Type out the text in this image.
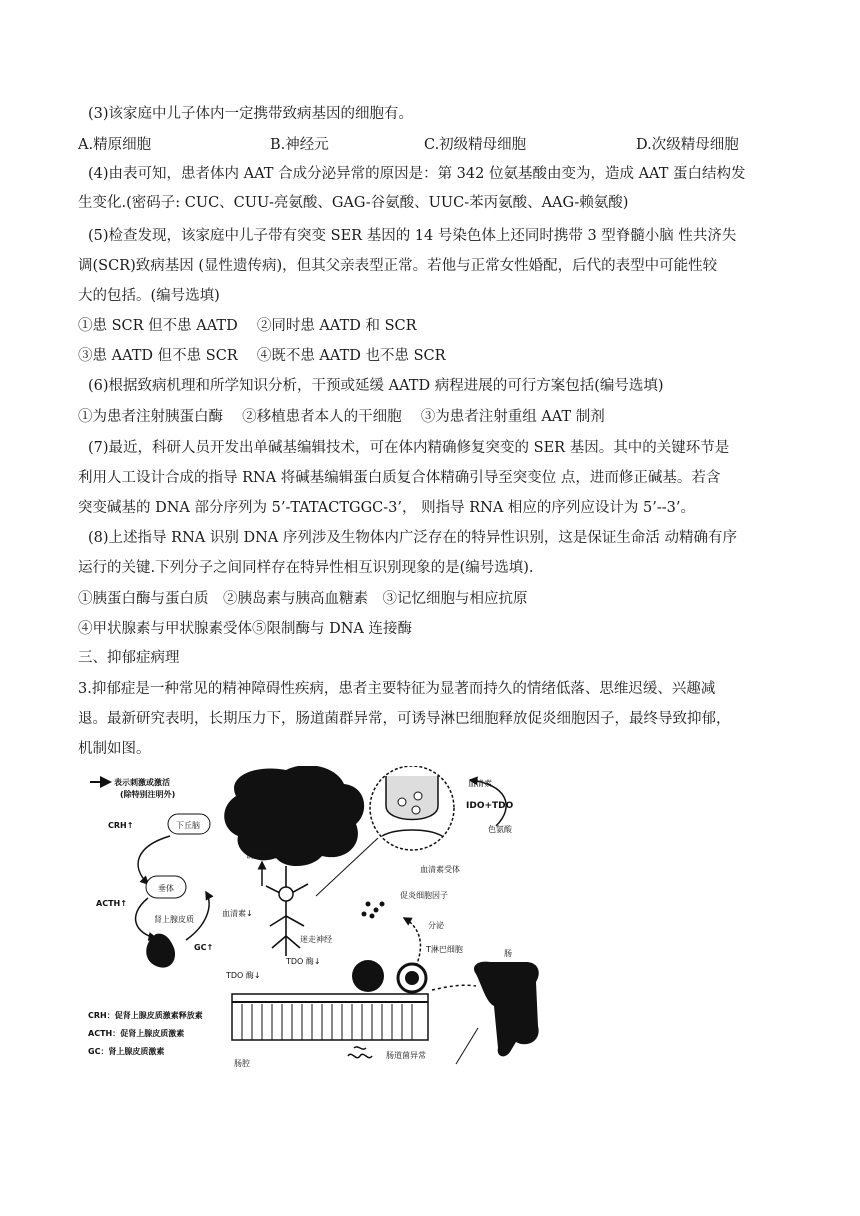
(3)该家庭中儿子体内一定携带致病基因的细胞有。
A.精原细胞	B.神经元	C.初级精母细胞	D.次级精母细胞
(4)由表可知，患者体内 AAT 合成分泌异常的原因是：第 342 位氨基酸由变为，造成 AAT 蛋白结构发
生变化.(密码子: CUC、CUU-亮氨酸、GAG-谷氨酸、UUC-苯丙氨酸、AAG-赖氨酸)
(5)检查发现，该家庭中儿子带有突变 SER 基因的 14 号染色体上还同时携带 3 型脊髓小脑 性共济失
调(SCR)致病基因 (显性遗传病)，但其父亲表型正常。若他与正常女性婚配，后代的表型中可能性较
大的包括。(编号选填)
①患 SCR 但不患 AATD　 ②同时患 AATD 和 SCR
③患 AATD 但不患 SCR　 ④既不患 AATD 也不患 SCR
(6)根据致病机理和所学知识分析，干预或延缓 AATD 病程进展的可行方案包括(编号选填)
①为患者注射胰蛋白酶　 ②移植患者本人的干细胞　 ③为患者注射重组 AAT 制剂
(7)最近，科研人员开发出单碱基编辑技术，可在体内精确修复突变的 SER 基因。其中的关键环节是
利用人工设计合成的指导 RNA 将碱基编辑蛋白质复合体精确引导至突变位 点，进而修正碱基。若含
突变碱基的 DNA 部分序列为 5’-TATACTGGC-3’， 则指导 RNA 相应的序列应设计为 5’--3’。
(8)上述指导 RNA 识别 DNA 序列涉及生物体内广泛存在的特异性识别，这是保证生命活 动精确有序
运行的关键.下列分子之间同样存在特异性相互识别现象的是(编号选填).
①胰蛋白酶与蛋白质　②胰岛素与胰高血糖素　③记忆细胞与相应抗原
④甲状腺素与甲状腺素受体⑤限制酶与 DNA 连接酶
三、抑郁症病理
3.抑郁症是一种常见的精神障碍性疾病，患者主要特征为显著而持久的情绪低落、思维迟缓、兴趣减
退。最新研究表明，长期压力下，肠道菌群异常，可诱导淋巴细胞释放促炎细胞因子，最终导致抑郁，
机制如图。
表示刺激或激活
(除特别注明外)
CRH↑	下丘脑
垂体
ACTH↑
肾上腺皮质
GC↑
诱发抑郁
血清素↓
迷走神经
TDO 酶↓
TDO 酶↓
血清素
IDO+TDO
色氨酸
血清素受体
促炎细胞因子
分泌
T淋巴细胞
肠腔
肠道菌异常
肠
CRH：促肾上腺皮质激素释放素
ACTH：促肾上腺皮质激素
GC：肾上腺皮质激素
